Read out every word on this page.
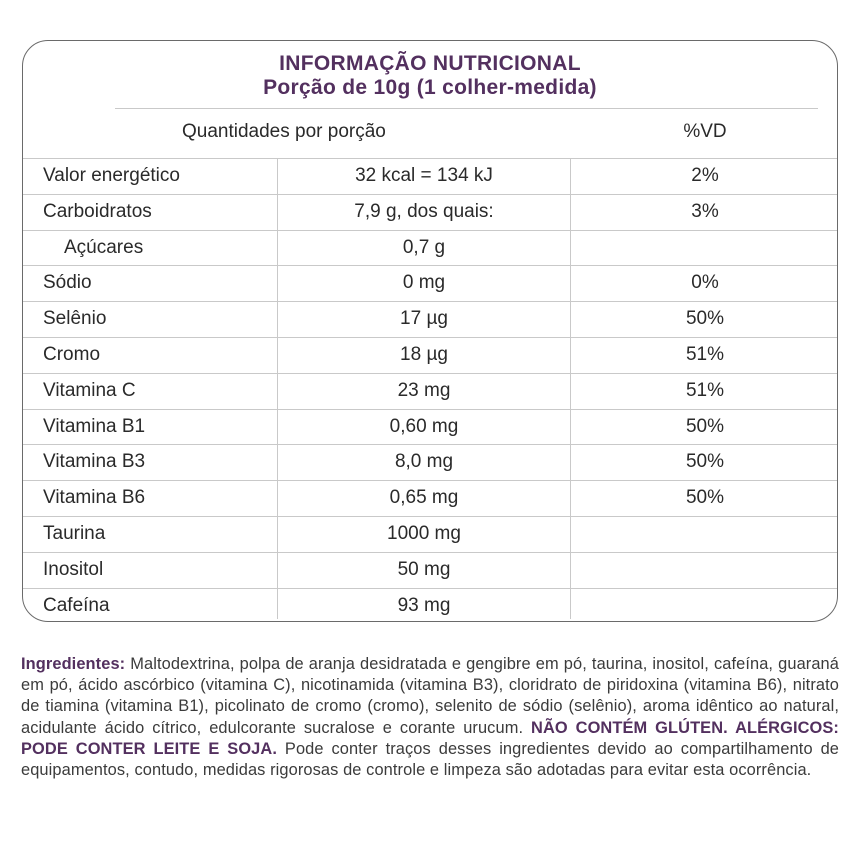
INFORMAÇÃO NUTRICIONAL
Porção de 10g (1 colher-medida)
Quantidades por porção	%VD
Valor energético	32 kcal = 134 kJ	2%
Carboidratos	7,9 g, dos quais:	3%
Açúcares	0,7 g
Sódio	0 mg	0%
Selênio	17 µg	50%
Cromo	18 µg	51%
Vitamina C	23 mg	51%
Vitamina B1	0,60 mg	50%
Vitamina B3	8,0 mg	50%
Vitamina B6	0,65 mg	50%
Taurina	1000 mg
Inositol	50 mg
Cafeína	93 mg
Ingredientes: Maltodextrina, polpa de aranja desidratada e gengibre em pó, taurina, inositol, cafeína, guaraná em pó, ácido ascórbico (vitamina C), nicotinamida (vitamina B3), cloridrato de piridoxina (vitamina B6), nitrato de tiamina (vitamina B1), picolinato de cromo (cromo), selenito de sódio (selênio), aroma idêntico ao natural, acidulante ácido cítrico, edulcorante sucralose e corante urucum. NÃO CONTÉM GLÚTEN. ALÉRGICOS: PODE CONTER LEITE E SOJA. Pode conter traços desses ingredientes devido ao compartilhamento de equipamentos, contudo, medidas rigorosas de controle e limpeza são adotadas para evitar esta ocorrência.
